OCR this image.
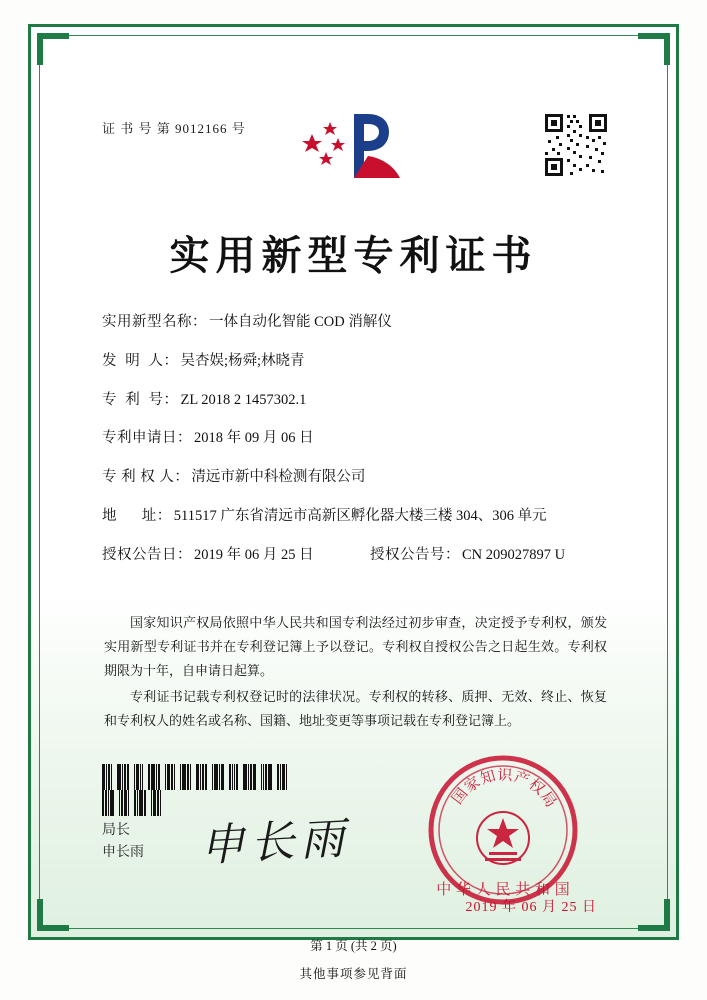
证 书 号 第 9012166 号
实用新型专利证书
实用新型名称： 一体自动化智能 COD 消解仪
发  明  人： 吴杏娱;杨舜;林晓青
专  利  号： ZL 2018 2 1457302.1
专利申请日： 2018 年 09 月 06 日
专 利 权 人： 清远市新中科检测有限公司
地      址： 511517 广东省清远市高新区孵化器大楼三楼 304、306 单元
授权公告日： 2019 年 06 月 25 日	授权公告号： CN 209027897 U

国家知识产权局依照中华人民共和国专利法经过初步审查，决定授予专利权，颁发实用新型专利证书并在专利登记簿上予以登记。专利权自授权公告之日起生效。专利权期限为十年，自申请日起算。

专利证书记载专利权登记时的法律状况。专利权的转移、质押、无效、终止、恢复和专利权人的姓名或名称、国籍、地址变更等事项记载在专利登记簿上。

局长
申长雨 申长雨
国
家
知 识
产
权
局
中 华 人 民 共 和 国
2019 年 06 月 25 日
第 1 页 (共 2 页)
其他事项参见背面
